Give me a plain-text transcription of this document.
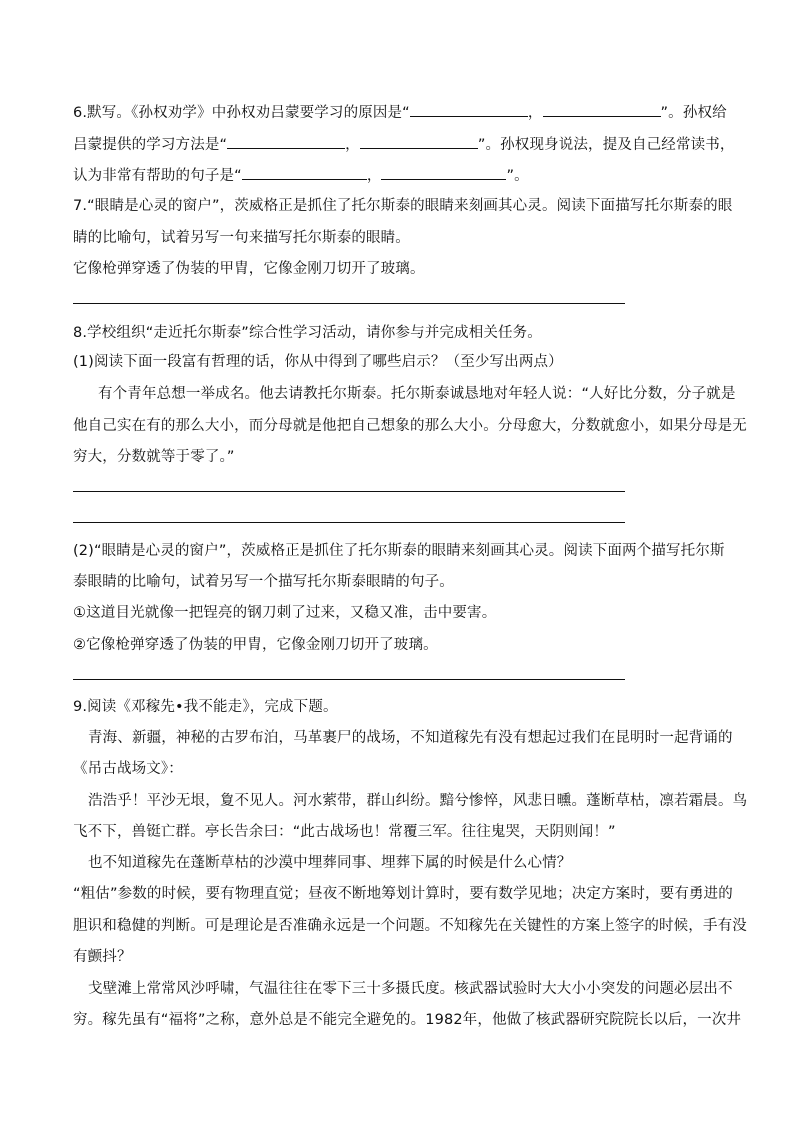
6.默写。《孙权劝学》中孙权劝吕蒙要学习的原因是“	，	”。孙权给
吕蒙提供的学习方法是“	，	”。孙权现身说法，提及自己经常读书，
认为非常有帮助的句子是“	，	”。
7.“眼睛是心灵的窗户”，茨威格正是抓住了托尔斯泰的眼睛来刻画其心灵。阅读下面描写托尔斯泰的眼
睛的比喻句，试着另写一句来描写托尔斯泰的眼睛。
它像枪弹穿透了伪装的甲胄，它像金刚刀切开了玻璃。
8.学校组织“走近托尔斯泰”综合性学习活动，请你参与并完成相关任务。
(1)阅读下面一段富有哲理的话，你从中得到了哪些启示？（至少写出两点）
有个青年总想一举成名。他去请教托尔斯泰。托尔斯泰诚恳地对年轻人说：“人好比分数，分子就是
他自己实在有的那么大小，而分母就是他把自己想象的那么大小。分母愈大，分数就愈小，如果分母是无
穷大，分数就等于零了。”
(2)“眼睛是心灵的窗户”，茨威格正是抓住了托尔斯泰的眼睛来刻画其心灵。阅读下面两个描写托尔斯
泰眼睛的比喻句，试着另写一个描写托尔斯泰眼睛的句子。
①这道目光就像一把锃亮的钢刀刺了过来，又稳又准，击中要害。
②它像枪弹穿透了伪装的甲胄，它像金刚刀切开了玻璃。
9.阅读《邓稼先•我不能走》，完成下题。
青海、新疆，神秘的古罗布泊，马革裹尸的战场，不知道稼先有没有想起过我们在昆明时一起背诵的
《吊古战场文》：
浩浩乎！平沙无垠，夐不见人。河水萦带，群山纠纷。黯兮惨悴，风悲日曛。蓬断草枯，凛若霜晨。鸟
飞不下，兽铤亡群。亭长告余曰：“此古战场也！常覆三军。往往鬼哭，天阴则闻！”
也不知道稼先在蓬断草枯的沙漠中埋葬同事、埋葬下属的时候是什么心情？
“粗估”参数的时候，要有物理直觉；昼夜不断地筹划计算时，要有数学见地；决定方案时，要有勇进的
胆识和稳健的判断。可是理论是否准确永远是一个问题。不知稼先在关键性的方案上签字的时候，手有没
有颤抖？
戈壁滩上常常风沙呼啸，气温往往在零下三十多摄氏度。核武器试验时大大小小突发的问题必层出不
穷。稼先虽有“福将”之称，意外总是不能完全避免的。1982年，他做了核武器研究院院长以后，一次井
